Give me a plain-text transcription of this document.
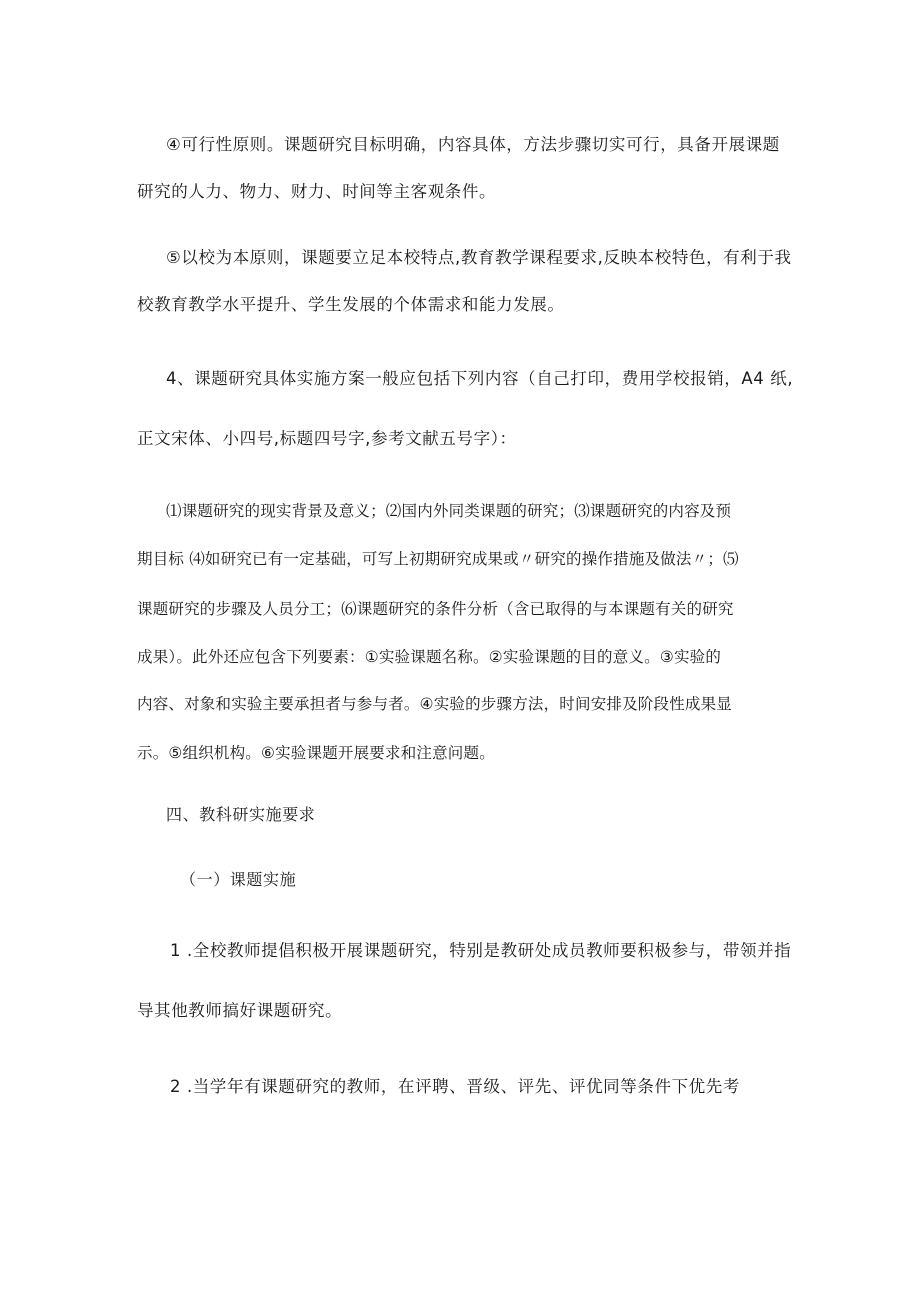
④可行性原则。课题研究目标明确，内容具体，方法步骤切实可行，具备开展课题

研究的人力、物力、财力、时间等主客观条件。

⑤以校为本原则，课题要立足本校特点,教育教学课程要求,反映本校特色，有利于我

校教育教学水平提升、学生发展的个体需求和能力发展。

4、课题研究具体实施方案一般应包括下列内容（自己打印，费用学校报销，A4 纸,

正文宋体、小四号,标题四号字,参考文献五号字）：

⑴课题研究的现实背景及意义；⑵国内外同类课题的研究；⑶课题研究的内容及预

期目标 ⑷如研究已有一定基础，可写上初期研究成果或〃研究的操作措施及做法〃；⑸

课题研究的步骤及人员分工；⑹课题研究的条件分析（含已取得的与本课题有关的研究

成果）。此外还应包含下列要素：①实验课题名称。②实验课题的目的意义。③实验的

内容、对象和实验主要承担者与参与者。④实验的步骤方法，时间安排及阶段性成果显

示。⑤组织机构。⑥实验课题开展要求和注意问题。

四、教科研实施要求

（一）课题实施

1 .全校教师提倡积极开展课题研究，特别是教研处成员教师要积极参与，带领并指

导其他教师搞好课题研究。

2 .当学年有课题研究的教师，在评聘、晋级、评先、评优同等条件下优先考
